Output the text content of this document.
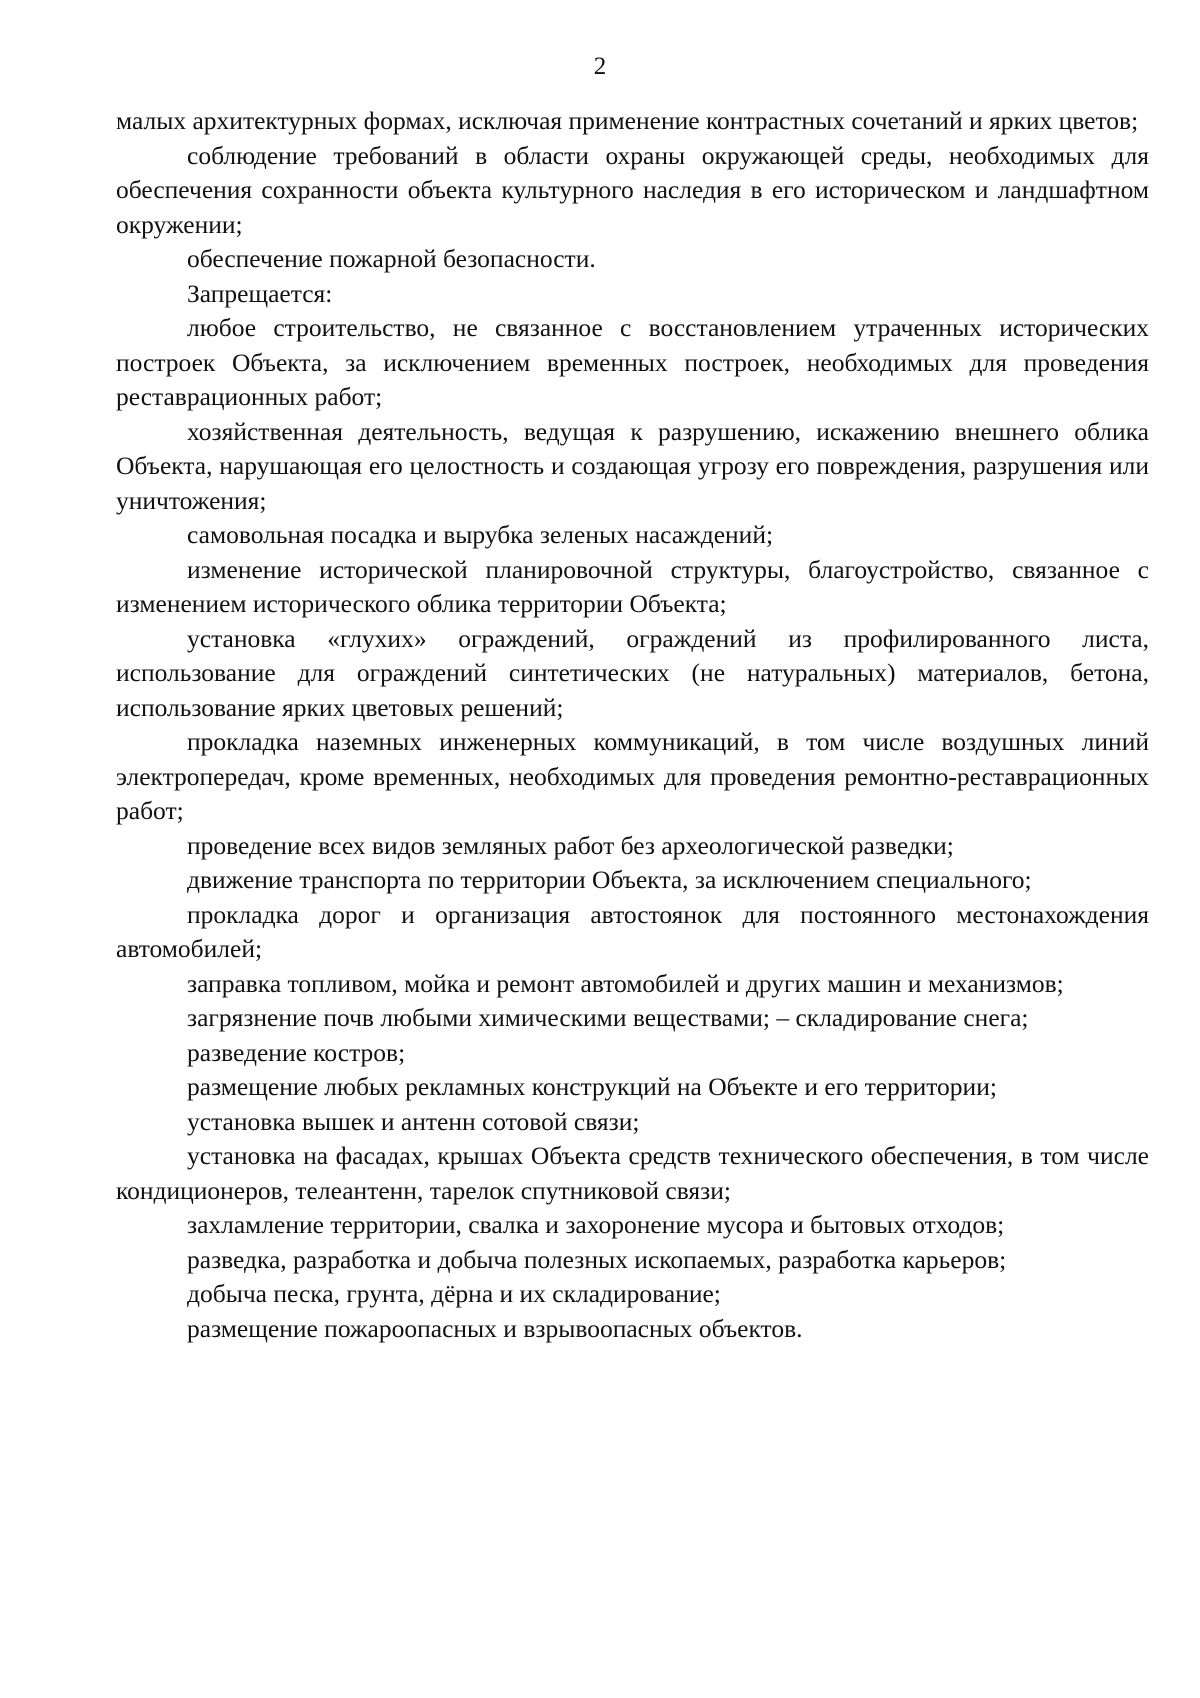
2

малых архитектурных формах, исключая применение контрастных сочетаний и ярких цветов;

соблюдение требований в области охраны окружающей среды, необходимых для обеспечения сохранности объекта культурного наследия в его историческом и ландшафтном окружении;

обеспечение пожарной безопасности.

Запрещается:

любое строительство, не связанное с восстановлением утраченных исторических построек Объекта, за исключением временных построек, необходимых для проведения реставрационных работ;

хозяйственная деятельность, ведущая к разрушению, искажению внешнего облика Объекта, нарушающая его целостность и создающая угрозу его повреждения, разрушения или уничтожения;

самовольная посадка и вырубка зеленых насаждений;

изменение исторической планировочной структуры, благоустройство, связанное с изменением исторического облика территории Объекта;

установка «глухих» ограждений, ограждений из профилированного листа, использование для ограждений синтетических (не натуральных) материалов, бетона, использование ярких цветовых решений;

прокладка наземных инженерных коммуникаций, в том числе воздушных линий электропередач, кроме временных, необходимых для проведения ремонтно-реставрационных работ;

проведение всех видов земляных работ без археологической разведки;

движение транспорта по территории Объекта, за исключением специального;

прокладка дорог и организация автостоянок для постоянного местонахождения автомобилей;

заправка топливом, мойка и ремонт автомобилей и других машин и механизмов;

загрязнение почв любыми химическими веществами; – складирование снега;

разведение костров;

размещение любых рекламных конструкций на Объекте и его территории;

установка вышек и антенн сотовой связи;

установка на фасадах, крышах Объекта средств технического обеспечения, в том числе кондиционеров, телеантенн, тарелок спутниковой связи;

захламление территории, свалка и захоронение мусора и бытовых отходов;

разведка, разработка и добыча полезных ископаемых, разработка карьеров;

добыча песка, грунта, дёрна и их складирование;

размещение пожароопасных и взрывоопасных объектов.
